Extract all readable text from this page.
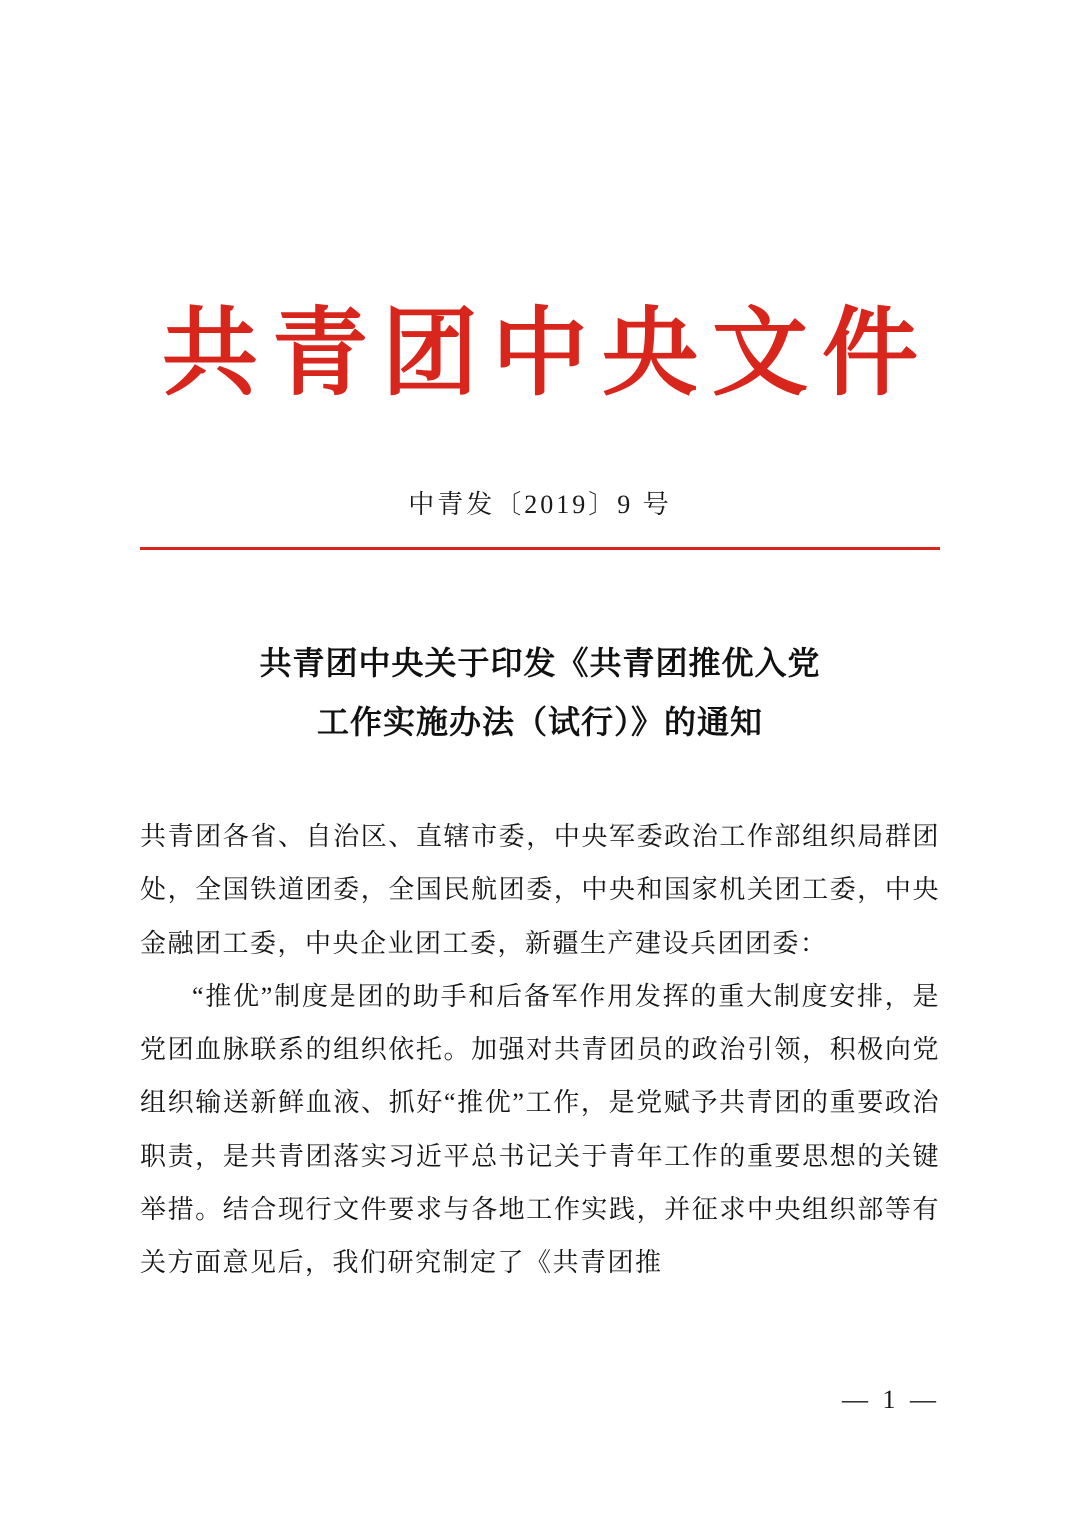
共青团中央文件
中青发〔2019〕9 号
共青团中央关于印发《共青团推优入党
工作实施办法（试行）》的通知

共青团各省、自治区、直辖市委，中央军委政治工作部组织局群团处，全国铁道团委，全国民航团委，中央和国家机关团工委，中央金融团工委，中央企业团工委，新疆生产建设兵团团委：

“推优”制度是团的助手和后备军作用发挥的重大制度安排，是党团血脉联系的组织依托。加强对共青团员的政治引领，积极向党组织输送新鲜血液、抓好“推优”工作，是党赋予共青团的重要政治职责，是共青团落实习近平总书记关于青年工作的重要思想的关键举措。结合现行文件要求与各地工作实践，并征求中央组织部等有关方面意见后，我们研究制定了《共青团推

— 1 —
